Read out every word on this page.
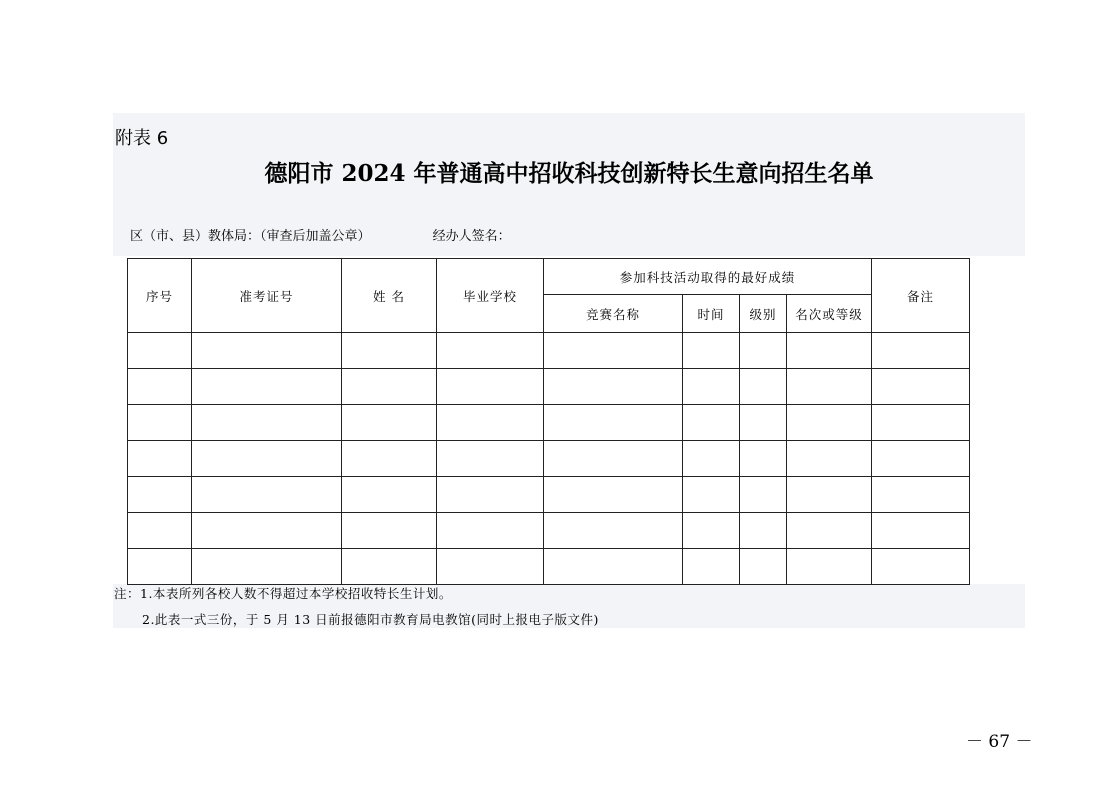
附表 6
德阳市 2024 年普通高中招收科技创新特长生意向招生名单
区（市、县）教体局：（审查后加盖公章）	经办人签名：
序号	准考证号	姓 名	毕业学校	参加科技活动取得的最好成绩				备注
				竞赛名称	时间	级别	名次或等级	

注：1.本表所列各校人数不得超过本学校招收特长生计划。
2.此表一式三份，于 5 月 13 日前报德阳市教育局电教馆(同时上报电子版文件)
－ 67 －
